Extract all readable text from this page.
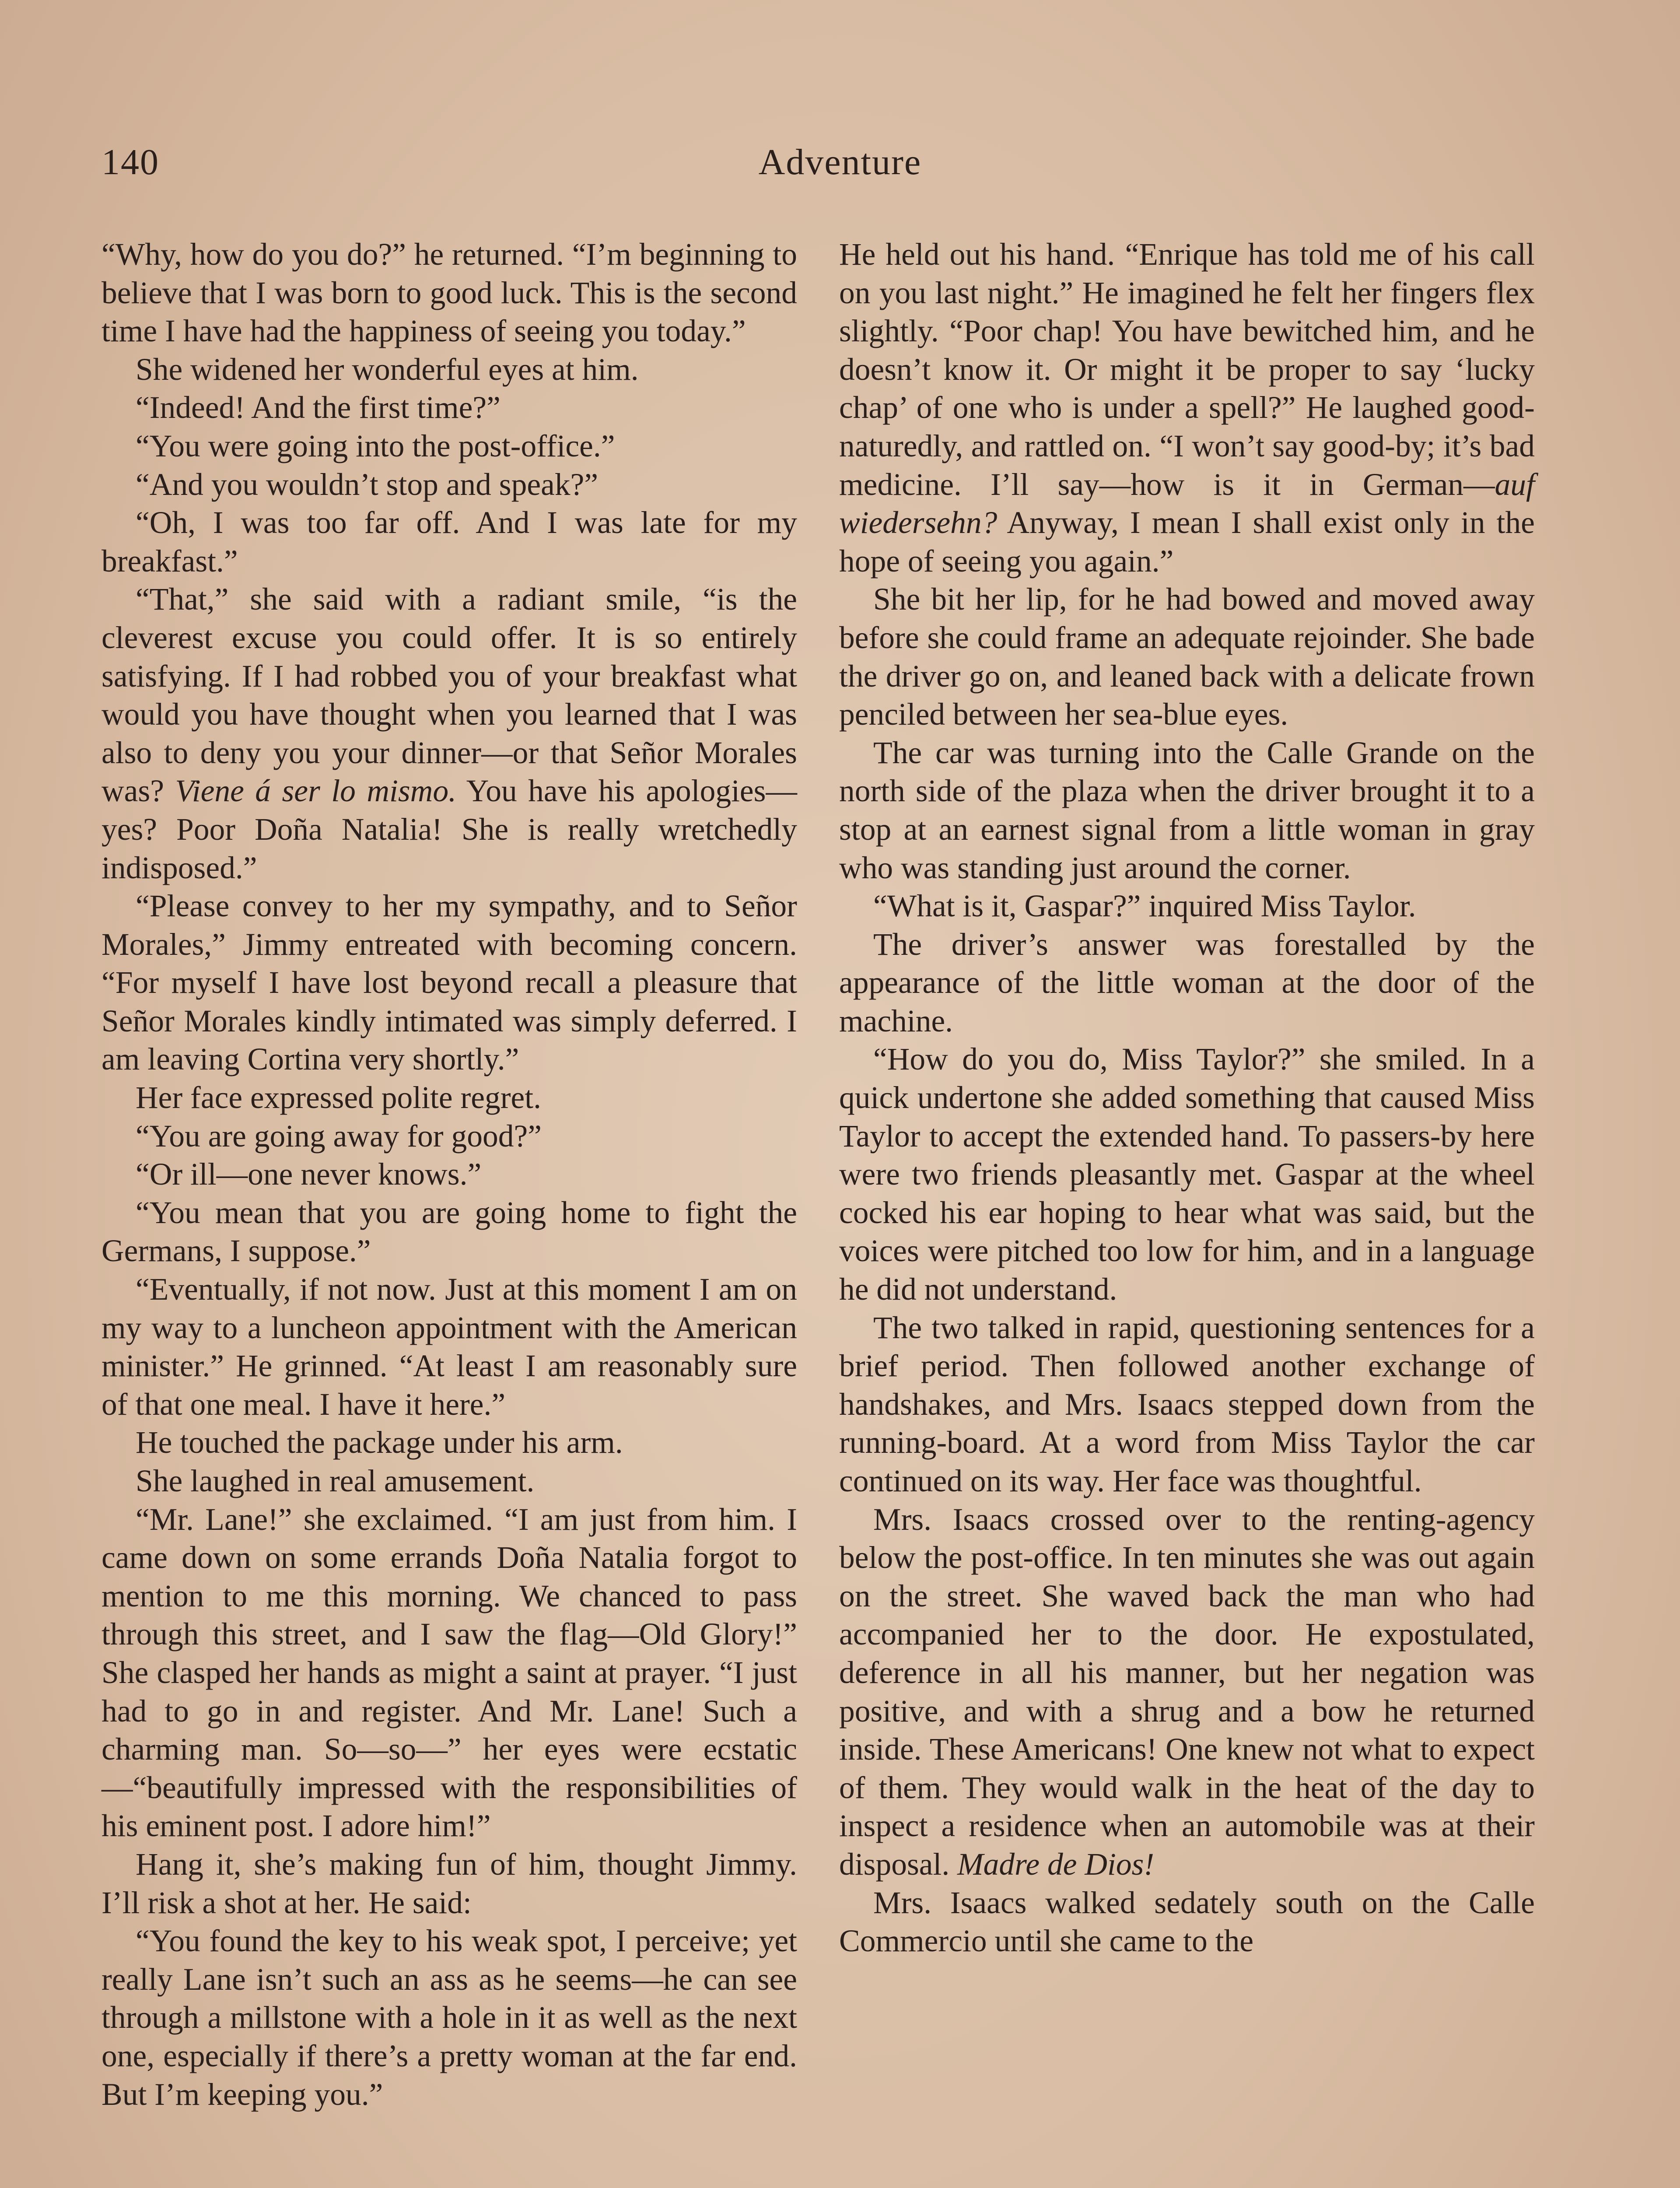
140	Adventure

“Why, how do you do?” he returned. “I’m beginning to believe that I was born to good luck. This is the second time I have had the happiness of seeing you today.”

She widened her wonderful eyes at him.

“Indeed! And the first time?”

“You were going into the post-office.”

“And you wouldn’t stop and speak?”

“Oh, I was too far off. And I was late for my breakfast.”

“That,” she said with a radiant smile, “is the cleverest excuse you could offer. It is so entirely satisfying. If I had robbed you of your breakfast what would you have thought when you learned that I was also to deny you your dinner—or that Señor Morales was? Viene á ser lo mismo. You have his apologies—yes? Poor Doña Natalia! She is really wretchedly indisposed.”

“Please convey to her my sympathy, and to Señor Morales,” Jimmy entreated with becoming concern. “For myself I have lost beyond recall a pleasure that Señor Morales kindly intimated was simply deferred. I am leaving Cortina very shortly.”

Her face expressed polite regret.

“You are going away for good?”

“Or ill—one never knows.”

“You mean that you are going home to fight the Germans, I suppose.”

“Eventually, if not now. Just at this moment I am on my way to a luncheon appointment with the American minister.” He grinned. “At least I am reasonably sure of that one meal. I have it here.”

He touched the package under his arm.

She laughed in real amusement.

“Mr. Lane!” she exclaimed. “I am just from him. I came down on some errands Doña Natalia forgot to mention to me this morning. We chanced to pass through this street, and I saw the flag—Old Glory!” She clasped her hands as might a saint at prayer. “I just had to go in and register. And Mr. Lane! Such a charming man. So—so—” her eyes were ecstatic—“beautifully impressed with the responsibilities of his eminent post. I adore him!”

Hang it, she’s making fun of him, thought Jimmy. I’ll risk a shot at her. He said:

“You found the key to his weak spot, I perceive; yet really Lane isn’t such an ass as he seems—he can see through a millstone with a hole in it as well as the next one, especially if there’s a pretty woman at the far end. But I’m keeping you.”

He held out his hand. “Enrique has told me of his call on you last night.” He imagined he felt her fingers flex slightly. “Poor chap! You have bewitched him, and he doesn’t know it. Or might it be proper to say ‘lucky chap’ of one who is under a spell?” He laughed good-naturedly, and rattled on. “I won’t say good-by; it’s bad medicine. I’ll say—how is it in German—auf wiedersehn? Anyway, I mean I shall exist only in the hope of seeing you again.”

She bit her lip, for he had bowed and moved away before she could frame an adequate rejoinder. She bade the driver go on, and leaned back with a delicate frown penciled between her sea-blue eyes.

The car was turning into the Calle Grande on the north side of the plaza when the driver brought it to a stop at an earnest signal from a little woman in gray who was standing just around the corner.

“What is it, Gaspar?” inquired Miss Taylor.

The driver’s answer was forestalled by the appearance of the little woman at the door of the machine.

“How do you do, Miss Taylor?” she smiled. In a quick undertone she added something that caused Miss Taylor to accept the extended hand. To passers-by here were two friends pleasantly met. Gaspar at the wheel cocked his ear hoping to hear what was said, but the voices were pitched too low for him, and in a language he did not understand.

The two talked in rapid, questioning sentences for a brief period. Then followed another exchange of handshakes, and Mrs. Isaacs stepped down from the running-board. At a word from Miss Taylor the car continued on its way. Her face was thoughtful.

Mrs. Isaacs crossed over to the renting-agency below the post-office. In ten minutes she was out again on the street. She waved back the man who had accompanied her to the door. He expostulated, deference in all his manner, but her negation was positive, and with a shrug and a bow he returned inside. These Americans! One knew not what to expect of them. They would walk in the heat of the day to inspect a residence when an automobile was at their disposal. Madre de Dios!

Mrs. Isaacs walked sedately south on the Calle Commercio until she came to the
